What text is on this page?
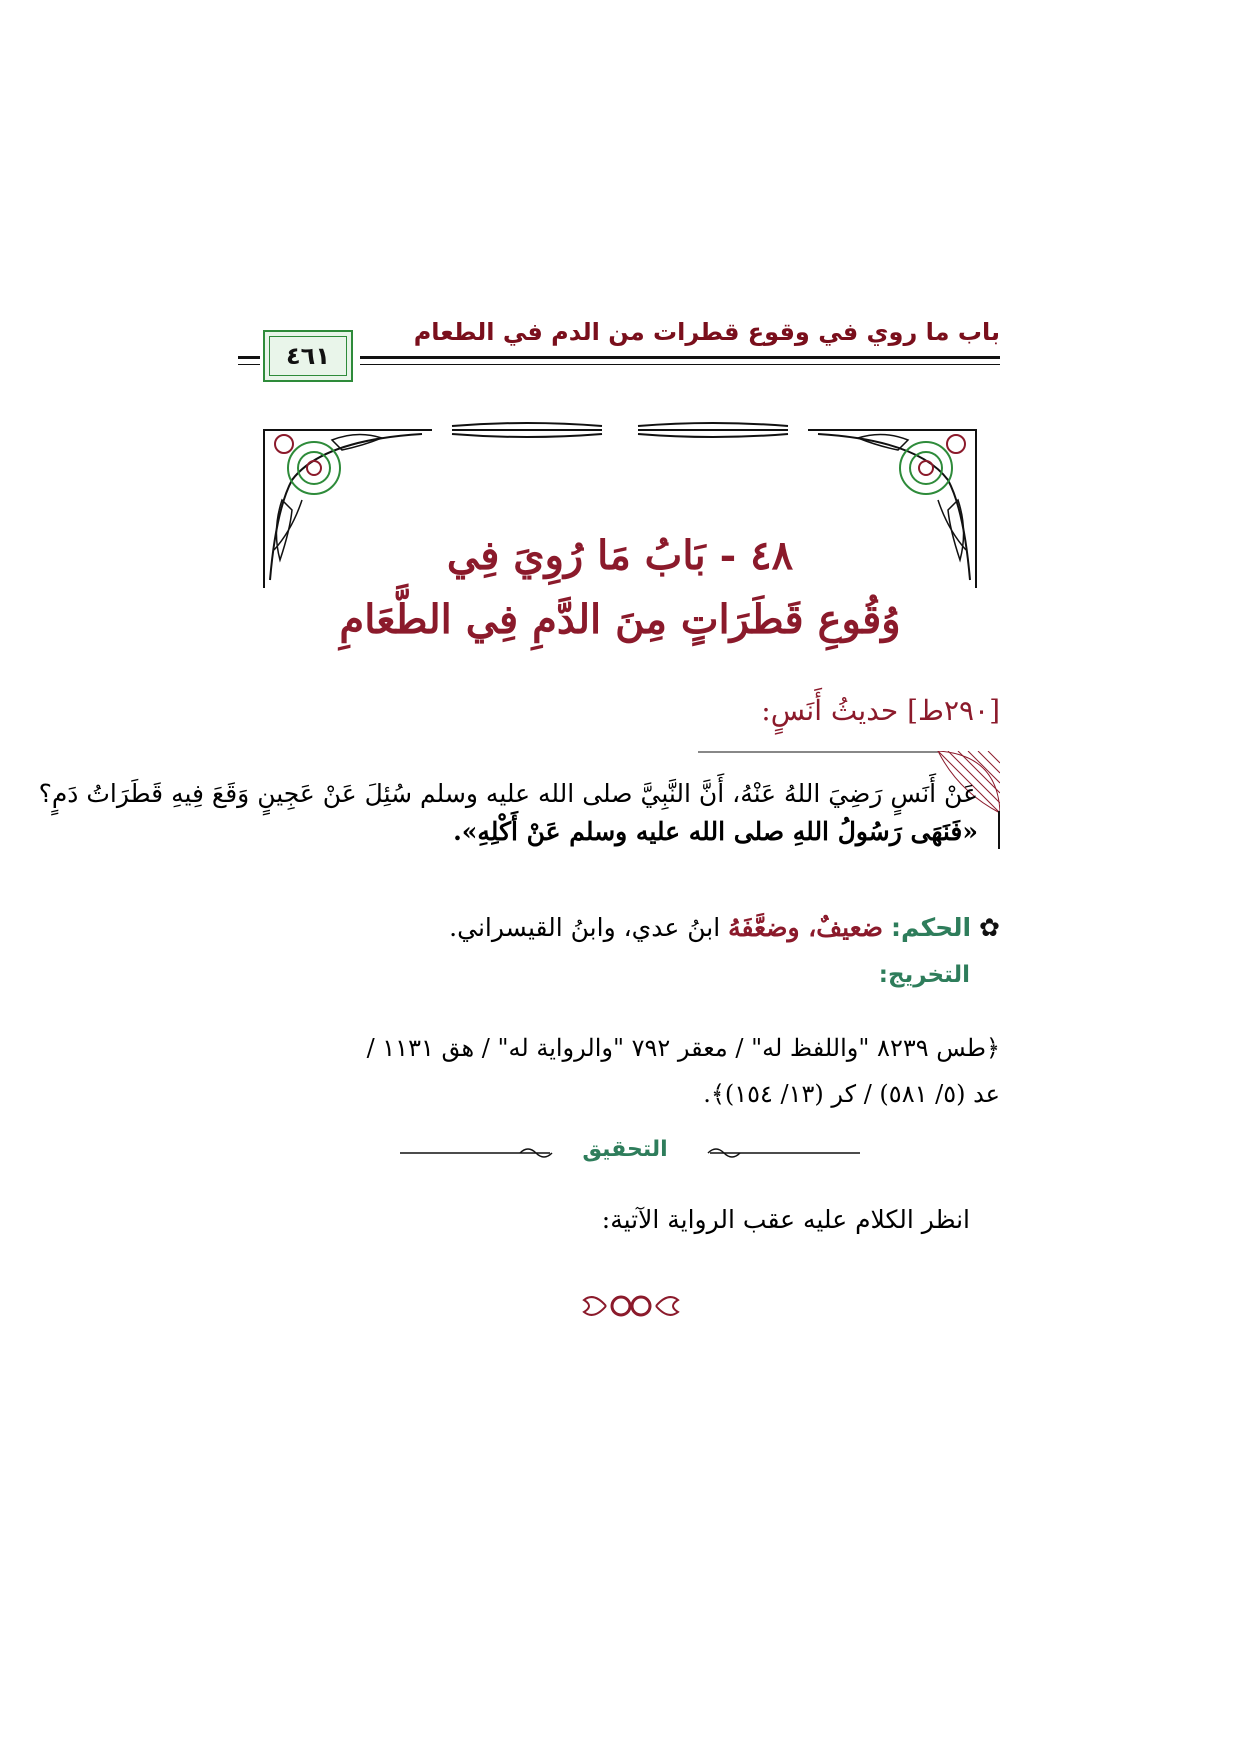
باب ما روي في وقوع قطرات من الدم في الطعام
٤٦١
٤٨ - بَابُ مَا رُوِيَ فِي
وُقُوعِ قَطَرَاتٍ مِنَ الدَّمِ فِي الطَّعَامِ
[٢٩٠ط] حديثُ أَنَسٍ:
عَنْ أَنَسٍ رَضِيَ اللهُ عَنْهُ، أَنَّ النَّبِيَّ صلى الله عليه وسلم سُئِلَ عَنْ عَجِينٍ وَقَعَ فِيهِ قَطَرَاتُ دَمٍ؟
«فَنَهَى رَسُولُ اللهِ صلى الله عليه وسلم عَنْ أَكْلِهِ».
✿ الحكم: ضعيفٌ، وضعَّفَهُ ابنُ عدي، وابنُ القيسراني.
التخريج:
﴿طس ٨٢٣٩ "واللفظ له" / معقر ٧٩٢ "والرواية له" / هق ١١٣١ /
عد (٥/ ٥٨١) / كر (١٣/ ١٥٤)﴾.
التحقيق
انظر الكلام عليه عقب الرواية الآتية:
